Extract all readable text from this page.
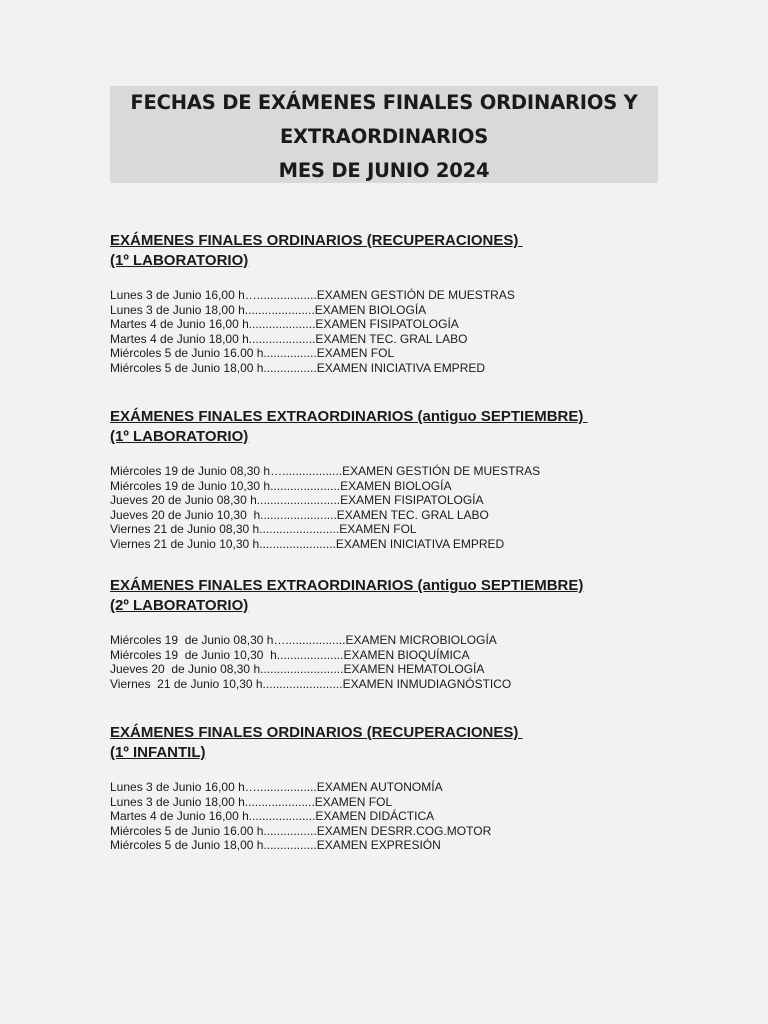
FECHAS DE EXÁMENES FINALES ORDINARIOS Y
EXTRAORDINARIOS
MES DE JUNIO 2024
EXÁMENES FINALES ORDINARIOS (RECUPERACIONES)
(1º LABORATORIO)
Lunes 3 de Junio 16,00 h…..................EXAMEN GESTIÓN DE MUESTRAS
Lunes 3 de Junio 18,00 h.....................EXAMEN BIOLOGÍA
Martes 4 de Junio 16,00 h....................EXAMEN FISIPATOLOGÍA
Martes 4 de Junio 18,00 h....................EXAMEN TEC. GRAL LABO
Miércoles 5 de Junio 16.00 h................EXAMEN FOL
Miércoles 5 de Junio 18,00 h................EXAMEN INICIATIVA EMPRED
EXÁMENES FINALES EXTRAORDINARIOS (antiguo SEPTIEMBRE)
(1º LABORATORIO)
Miércoles 19 de Junio 08,30 h…..................EXAMEN GESTIÓN DE MUESTRAS
Miércoles 19 de Junio 10,30 h.....................EXAMEN BIOLOGÍA
Jueves 20 de Junio 08,30 h.........................EXAMEN FISIPATOLOGÍA
Jueves 20 de Junio 10,30  h.......................EXAMEN TEC. GRAL LABO
Viernes 21 de Junio 08,30 h........................EXAMEN FOL
Viernes 21 de Junio 10,30 h.......................EXAMEN INICIATIVA EMPRED
EXÁMENES FINALES EXTRAORDINARIOS (antiguo SEPTIEMBRE)
(2º LABORATORIO)
Miércoles 19  de Junio 08,30 h…..................EXAMEN MICROBIOLOGÍA
Miércoles 19  de Junio 10,30  h....................EXAMEN BIOQUÍMICA
Jueves 20  de Junio 08,30 h.........................EXAMEN HEMATOLOGÍA
Viernes  21 de Junio 10,30 h........................EXAMEN INMUDIAGNÓSTICO
EXÁMENES FINALES ORDINARIOS (RECUPERACIONES)
(1º INFANTIL)
Lunes 3 de Junio 16,00 h…..................EXAMEN AUTONOMÍA
Lunes 3 de Junio 18,00 h.....................EXAMEN FOL
Martes 4 de Junio 16,00 h....................EXAMEN DIDÁCTICA
Miércoles 5 de Junio 16.00 h................EXAMEN DESRR.COG.MOTOR
Miércoles 5 de Junio 18,00 h................EXAMEN EXPRESIÓN
